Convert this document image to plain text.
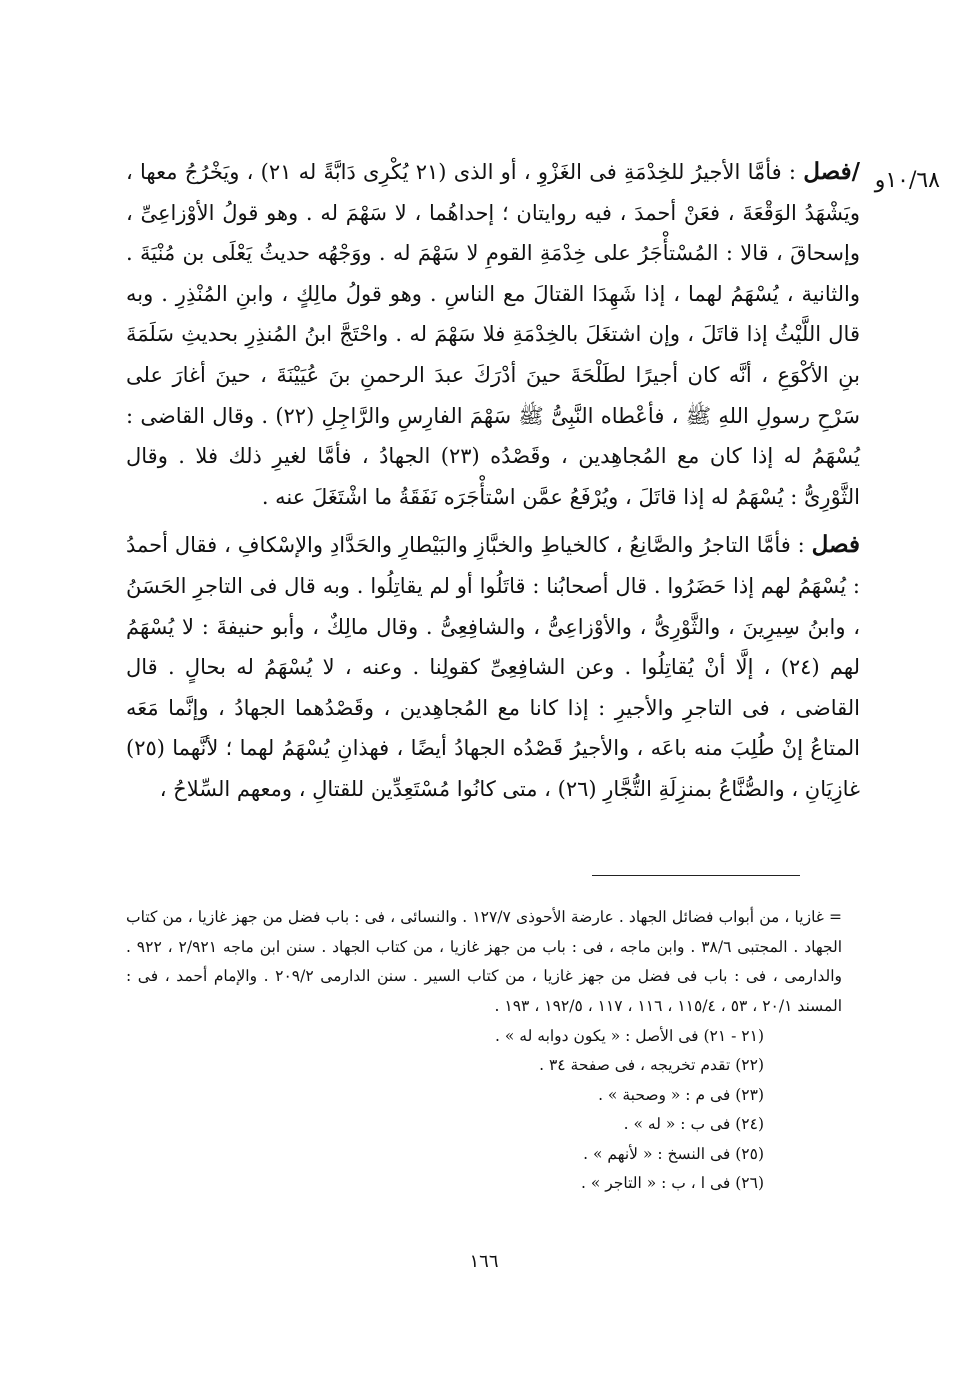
١٠/٦٨و

/فصل : فأمَّا الأجيرُ للخِدْمَةِ فى الغَزْوِ ، أو الذى (٢١ يُكْرِى دَابَّةً له ٢١) ، ويَخْرُجُ معها ، ويَشْهَدُ الوَقْعَةَ ، فعَنْ أحمدَ ، فيه روايتان ؛ إحداهُما ، لا سَهْمَ له . وهو قولُ الأوْزاعِىِّ ، وإسحاقَ ، قالا : المُسْتأْجَرُ على خِدْمَةِ القومِ لا سَهْمَ له . ووَجْهُه حديثُ يَعْلَى بن مُنْيَةَ . والثانية ، يُسْهَمُ لهما ، إذا شَهِدَا القتالَ مع الناسِ . وهو قولُ مالِكٍ ، وابنِ المُنْذِرِ . وبه قال اللَّيْثُ إذا قاتَلَ ، وإن اشتغَلَ بالخِدْمَةِ فلا سَهْمَ له . واحْتَجَّ ابنُ المُنذِرِ بحديثِ سَلَمَةَ بنِ الأكْوَعِ ، أنَّه كان أجيرًا لطَلْحَةَ حينَ أدْرَكَ عبدَ الرحمنِ بنَ عُيَيْنَةَ ، حينَ أغارَ على سَرْحِ رسولِ اللهِ ﷺ ، فأعْطاه النَّبِىُّ ﷺ سَهْمَ الفارِسِ والرَّاجِلِ (٢٢) . وقال القاضى : يُسْهَمُ له إذا كان مع المُجاهِدين ، وقَصْدُه (٢٣) الجهادُ ، فأمَّا لغيرِ ذلك فلا . وقال الثَّوْرِىُّ : يُسْهَمُ له إذا قاتَلَ ، ويُرْفَعُ عمَّن اسْتأْجَرَه نَفَقَةُ ما اشْتَغَلَ عنه .

فصل : فأمَّا التاجرُ والصَّانِعُ ، كالخياطِ والخبَّازِ والبَيْطارِ والحَدَّادِ والإسْكافِ ، فقال أحمدُ : يُسْهَمُ لهم إذا حَضَرُوا . قال أصحابُنا : قاتَلُوا أو لم يقاتِلُوا . وبه قال فى التاجرِ الحَسَنُ ، وابنُ سِيرِينَ ، والثَّوْرِىُّ ، والأوْزاعِىُّ ، والشافِعِىُّ . وقال مالِكٌ ، وأبو حنيفةَ : لا يُسْهَمُ لهم (٢٤) ، إلَّا أنْ يُقاتِلُوا . وعن الشافِعِىِّ كقولِنا . وعنه ، لا يُسْهَمُ له بحالٍ . قال القاضى ، فى التاجرِ والأجيرِ : إذا كانا مع المُجاهِدين ، وقَصْدُهما الجهادُ ، وإنَّما مَعَه المتاعُ إنْ طُلِبَ منه باعَه ، والأجيرُ قَصْدُه الجهادُ أيضًا ، فهذانِ يُسْهَمُ لهما ؛ لأنَّهما (٢٥) غازِيَانِ ، والصُّنَّاعُ بمنزِلَةِ التُّجَّارِ (٢٦) ، متى كانُوا مُسْتَعِدِّين للقتالِ ، ومعهم السِّلاحُ ،

= غازيا ، من أبواب فضائل الجهاد . عارضة الأحوذى ١٢٧/٧ . والنسائى ، فى : باب فضل من جهز غازيا ، من كتاب الجهاد . المجتبى ٣٨/٦ . وابن ماجه ، فى : باب من جهز غازيا ، من كتاب الجهاد . سنن ابن ماجه ٢/٩٢١ ، ٩٢٢ . والدارمى ، فى : باب فى فضل من جهز غازيا ، من كتاب السير . سنن الدارمى ٢٠٩/٢ . والإمام أحمد ، فى : المسند ٢٠/١ ، ٥٣ ، ١١٥/٤ ، ١١٦ ، ١١٧ ، ١٩٢/٥ ، ١٩٣ .

(٢١ - ٢١) فى الأصل : « يكون دوابه له » .
(٢٢) تقدم تخريجه ، فى صفحة ٣٤ .
(٢٣) فى م : « وصحبة » .
(٢٤) فى ب : « له » .
(٢٥) فى النسخ : « لأنهم » .
(٢٦) فى ا ، ب : « التاجر » .
١٦٦
